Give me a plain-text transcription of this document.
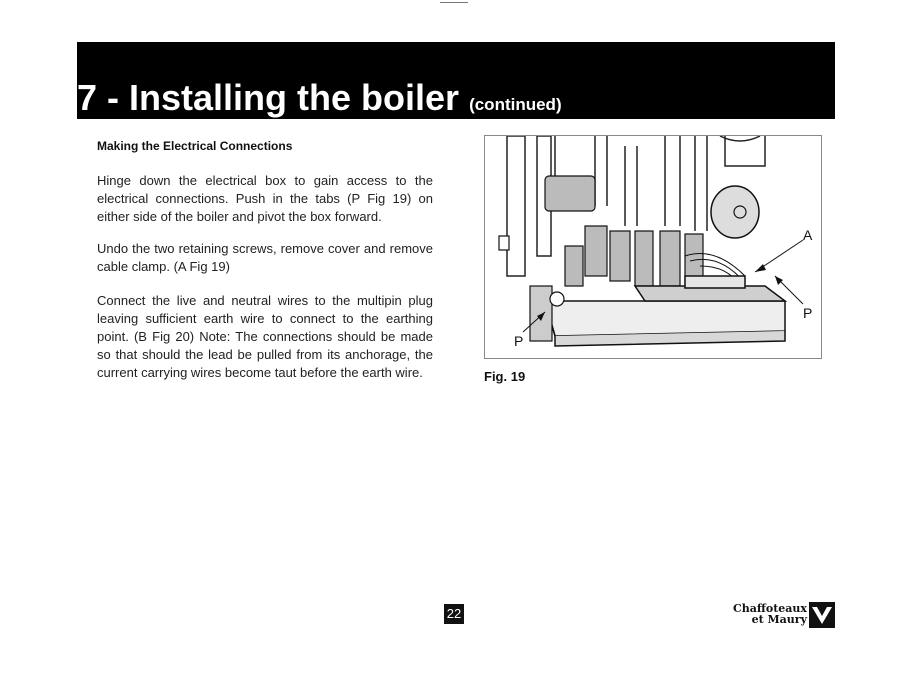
7 - Installing the boiler (continued)
Making the Electrical Connections

Hinge down the electrical box to gain access to the electrical connections. Push in the tabs (P Fig 19) on either side of the boiler and pivot the box forward.

Undo the two retaining screws, remove cover and remove cable clamp. (A Fig 19)

Connect the live and neutral wires to the multipin plug leaving sufficient earth wire to connect to the earthing point. (B Fig 20) Note: The connections should be made so that should the lead be pulled from its anchorage, the current carrying wires become taut before the earth wire.

A
P
P
Fig. 19
22	Chaffoteaux
et Maury
